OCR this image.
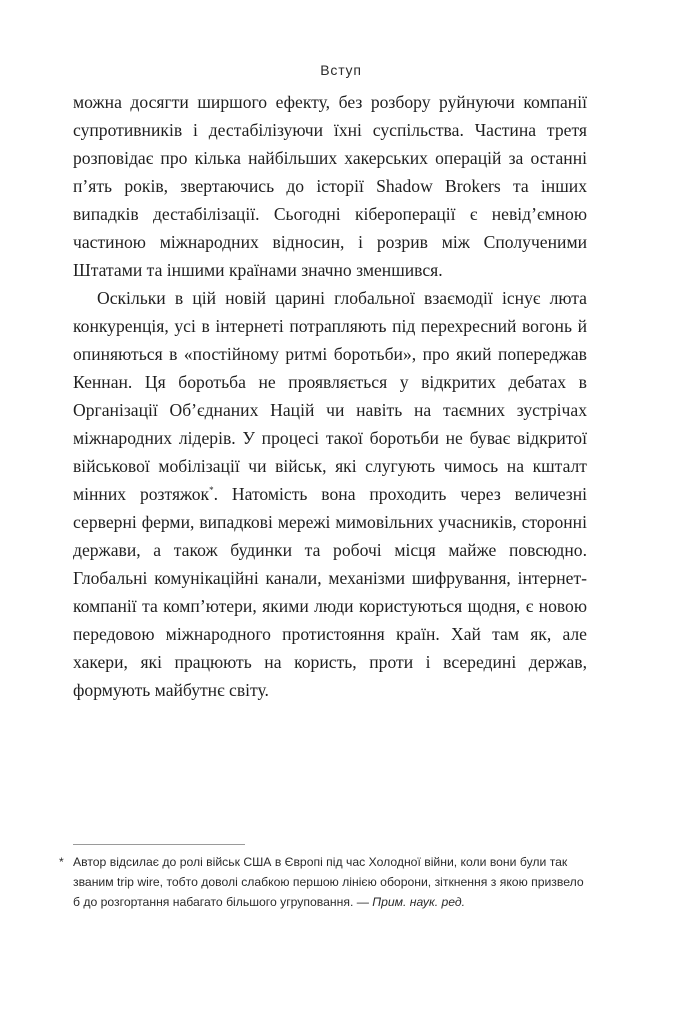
Вступ

можна досягти ширшого ефекту, без розбору руйнуючи компанії супротивників і дестабілізуючи їхні суспільства. Частина третя розповідає про кілька найбільших хакерських операцій за останні п’ять років, звертаючись до історії Shadow Brokers та інших випадків дестабілізації. Сьогодні кібероперації є невід’ємною частиною міжнародних відносин, і розрив між Сполученими Штатами та іншими країнами значно зменшився.

Оскільки в цій новій царині глобальної взаємодії існує люта конкуренція, усі в інтернеті потрапляють під перехресний вогонь й опиняються в «постійному ритмі боротьби», про який попереджав Кеннан. Ця боротьба не проявляється у відкритих дебатах в Організації Об’єднаних Націй чи навіть на таємних зустрічах міжнародних лідерів. У процесі такої боротьби не буває відкритої військової мобілізації чи військ, які слугують чимось на кшталт мінних розтяжок*. Натомість вона проходить через величезні серверні ферми, випадкові мережі мимовільних учасників, сторонні держави, а також будинки та робочі місця майже повсюдно. Глобальні комунікаційні канали, механізми шифрування, інтернет-компанії та комп’ютери, якими люди користуються щодня, є новою передовою міжнародного протистояння країн. Хай там як, але хакери, які працюють на користь, проти і всередині держав, формують майбутнє світу.

* Автор відсилає до ролі військ США в Європі під час Холодної війни, коли вони були так званим trip wire, тобто доволі слабкою першою лінією оборони, зіткнення з якою призвело б до розгортання набагато більшого угруповання. — Прим. наук. ред.
